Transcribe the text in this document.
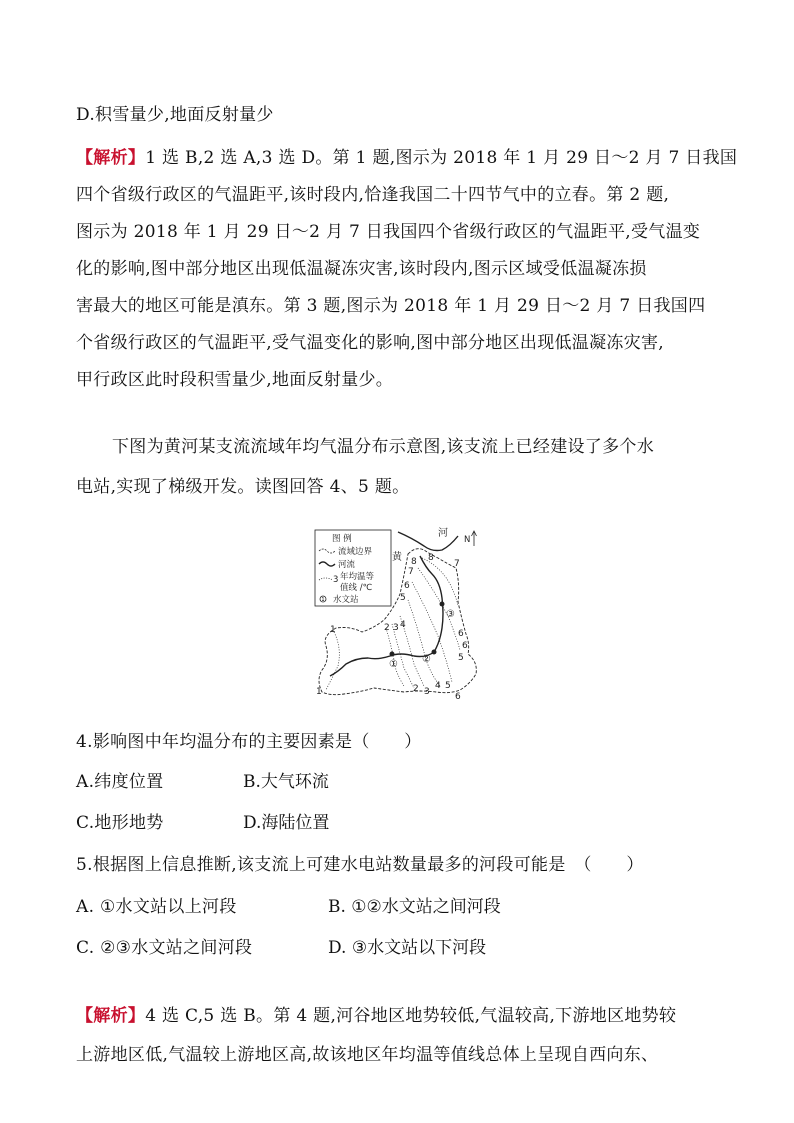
D.积雪量少,地面反射量少
【解析】1 选 B,2 选 A,3 选 D。第 1 题,图示为 2018 年 1 月 29 日～2 月 7 日我国
四个省级行政区的气温距平,该时段内,恰逢我国二十四节气中的立春。第 2 题,
图示为 2018 年 1 月 29 日～2 月 7 日我国四个省级行政区的气温距平,受气温变
化的影响,图中部分地区出现低温凝冻灾害,该时段内,图示区域受低温凝冻损
害最大的地区可能是滇东。第 3 题,图示为 2018 年 1 月 29 日～2 月 7 日我国四
个省级行政区的气温距平,受气温变化的影响,图中部分地区出现低温凝冻灾害,
甲行政区此时段积雪量少,地面反射量少。
下图为黄河某支流流域年均气温分布示意图,该支流上已经建设了多个水
电站,实现了梯级开发。读图回答 4、5 题。
图 例
流域边界
河流
3 年均温等
值线 /℃
1 水文站
N
黄
河
1
1
2 3 4
2 3
4 5
6
5
6
7
8 8
7
6
6
5
① ②
③
4.影响图中年均温分布的主要因素是（　　）
A.纬度位置	B.大气环流
C.地形地势	D.海陆位置
5.根据图上信息推断,该支流上可建水电站数量最多的河段可能是　（　　）
A. ①水文站以上河段	B. ①②水文站之间河段
C. ②③水文站之间河段	D. ③水文站以下河段
【解析】4 选 C,5 选 B。第 4 题,河谷地区地势较低,气温较高,下游地区地势较
上游地区低,气温较上游地区高,故该地区年均温等值线总体上呈现自西向东、
